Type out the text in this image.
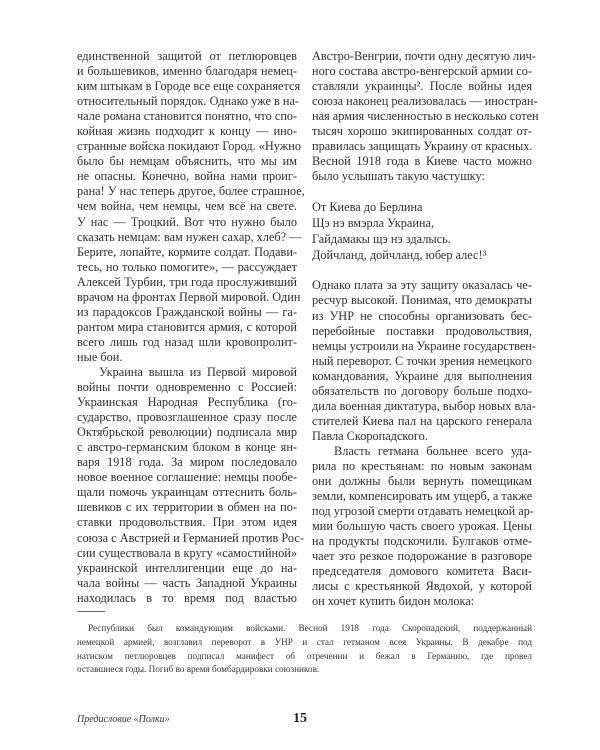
единственной защитой от петлюровцев
и большевиков, именно благодаря немец-
ким штыкам в Городе все еще сохраняется
относительный порядок. Однако уже в на-
чале романа становится понятно, что спо-
койная жизнь подходит к концу — ино-
странные войска покидают Город. «Нужно
было бы немцам объяснить, что мы им
не опасны. Конечно, война нами проиг-
рана! У нас теперь другое, более страшное,
чем война, чем немцы, чем всё на свете.
У нас — Троцкий. Вот что нужно было
сказать немцам: вам нужен сахар, хлеб? —
Берите, лопайте, кормите солдат. Подави-
тесь, но только помогите», — рассуждает
Алексей Турбин, три года прослуживший
врачом на фронтах Первой мировой. Один
из парадоксов Гражданской войны — га-
рантом мира становится армия, с которой
всего лишь год назад шли кровопролит-
ные бои.
Украина вышла из Первой мировой
войны почти одновременно с Россией:
Украинская Народная Республика (го-
сударство, провозглашенное сразу после
Октябрьской революции) подписала мир
с австро-германским блоком в конце ян-
варя 1918 года. За миром последовало
новое военное соглашение: немцы пообе-
щали помочь украинцам оттеснить боль-
шевиков с их территории в обмен на по-
ставки продовольствия. При этом идея
союза с Австрией и Германией против Рос-
сии существовала в кругу «самостийной»
украинской интеллигенции еще до на-
чала войны — часть Западной Украины
находилась в то время под властью
Австро-Венгрии, почти одну десятую лич-
ного состава австро-венгерской армии со-
ставляли украинцы². После войны идея
союза наконец реализовалась — иностран-
ная армия численностью в несколько сотен
тысяч хорошо экипированных солдат от-
правилась защищать Украину от красных.
Весной 1918 года в Киеве часто можно
было услышать такую частушку:
От Киева до Берлина
Щэ нэ вмэрла Украина,
Гайдамакы щэ нэ здалысь.
Дойчланд, дойчланд, юбер алес!³
Однако плата за эту защиту оказалась че-
ресчур высокой. Понимая, что демократы
из УНР не способны организовать бес-
перебойные поставки продовольствия,
немцы устроили на Украине государствен-
ный переворот. С точки зрения немецкого
командования, Украине для выполнения
обязательств по договору больше подхо-
дила военная диктатура, выбор новых вла-
стителей Киева пал на царского генерала
Павла Скоропадского.
Власть гетмана больнее всего уда-
рила по крестьянам: по новым законам
они должны были вернуть помещикам
земли, компенсировать им ущерб, а также
под угрозой смерти отдавать немецкой ар-
мии большую часть своего урожая. Цены
на продукты подскочили. Булгаков отме-
чает это резкое подорожание в разговоре
председателя домового комитета Васи-
лисы с крестьянкой Явдохой, у которой
он хочет купить бидон молока:
Республики был командующим войсками. Весной 1918 года Скоропадский, поддержанный
немецкой армией, возглавил переворот в УНР и стал гетманом всея Украины. В декабре под
натиском петлюровцев подписал манифест об отречении и бежал в Германию, где провел
оставшиеся годы. Погиб во время бомбардировки союзников.
Предисловие «Полки»	15
